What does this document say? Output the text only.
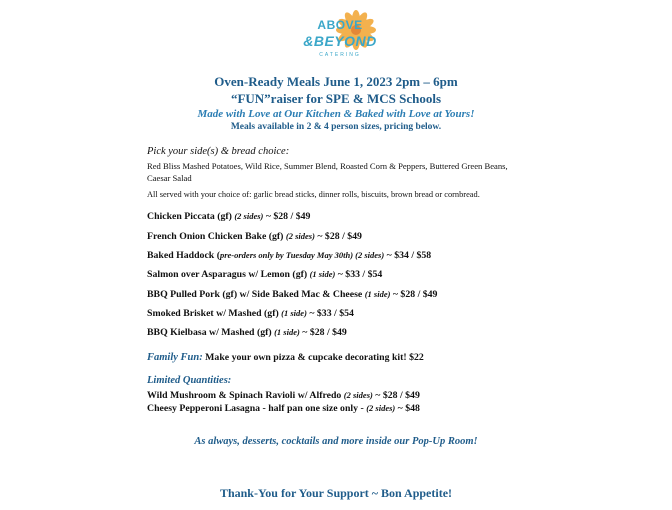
ABOVE
&BEYOND
CATERING
Oven-Ready Meals June 1, 2023 2pm – 6pm
“FUN”raiser for SPE & MCS Schools
Made with Love at Our Kitchen & Baked with Love at Yours!
Meals available in 2 & 4 person sizes, pricing below.
Pick your side(s) & bread choice:
Red Bliss Mashed Potatoes, Wild Rice, Summer Blend, Roasted Corn & Peppers, Buttered Green Beans, Caesar Salad
All served with your choice of: garlic bread sticks, dinner rolls, biscuits, brown bread or cornbread.
Chicken Piccata (gf) (2 sides) ~ $28 / $49
French Onion Chicken Bake (gf) (2 sides) ~ $28 / $49
Baked Haddock (pre-orders only by Tuesday May 30th) (2 sides) ~ $34 / $58
Salmon over Asparagus w/ Lemon (gf) (1 side) ~ $33 / $54
BBQ Pulled Pork (gf) w/ Side Baked Mac & Cheese (1 side) ~ $28 / $49
Smoked Brisket w/ Mashed (gf) (1 side) ~ $33 / $54
BBQ Kielbasa w/ Mashed (gf) (1 side) ~ $28 / $49
Family Fun: Make your own pizza & cupcake decorating kit! $22
Limited Quantities:
Wild Mushroom & Spinach Ravioli w/ Alfredo (2 sides) ~ $28 / $49
Cheesy Pepperoni Lasagna - half pan one size only - (2 sides) ~ $48
As always, desserts, cocktails and more inside our Pop-Up Room!
Thank-You for Your Support ~ Bon Appetite!
